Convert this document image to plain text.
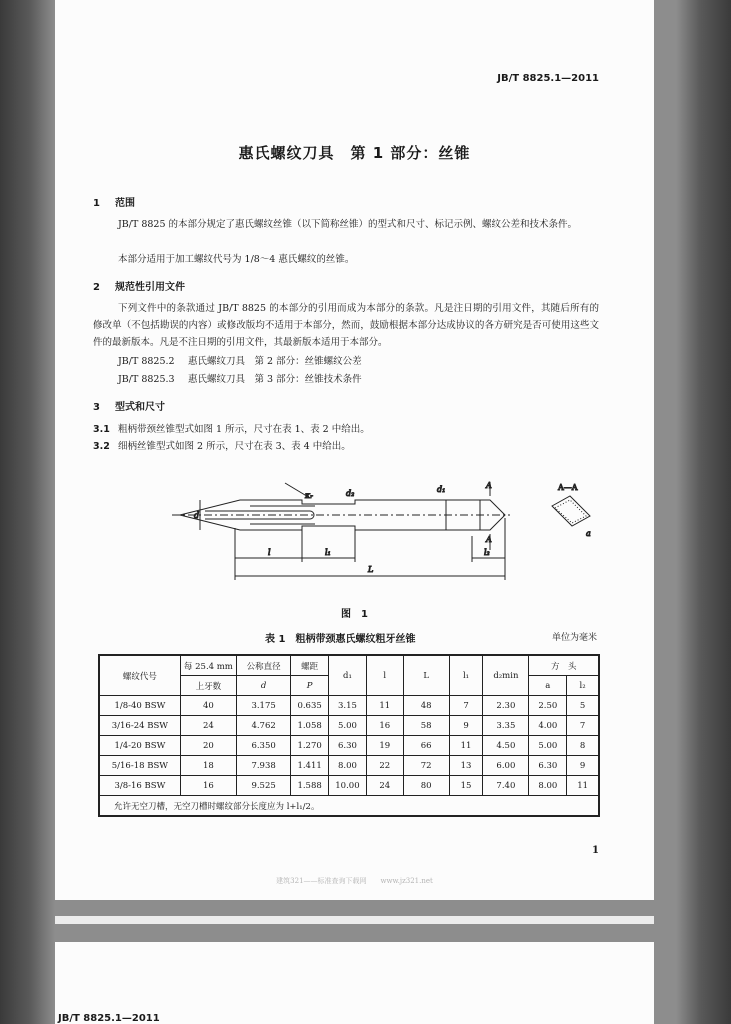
JB/T 8825.1—2011
惠氏螺纹刀具　第 1 部分：丝锥
1 范围
JB/T 8825 的本部分规定了惠氏螺纹丝锥（以下简称丝锥）的型式和尺寸、标记示例、螺纹公差和技术条件。
本部分适用于加工螺纹代号为 1/8～4 惠氏螺纹的丝锥。
2 规范性引用文件
下列文件中的条款通过 JB/T 8825 的本部分的引用而成为本部分的条款。凡是注日期的引用文件，其随后所有的修改单（不包括勘误的内容）或修改版均不适用于本部分，然而，鼓励根据本部分达成协议的各方研究是否可使用这些文件的最新版本。凡是不注日期的引用文件，其最新版本适用于本部分。
JB/T 8825.2 惠氏螺纹刀具　第 2 部分：丝锥螺纹公差
JB/T 8825.3 惠氏螺纹刀具　第 3 部分：丝锥技术条件
3 型式和尺寸
3.1 粗柄带颈丝锥型式如图 1 所示，尺寸在表 1、表 2 中给出。
3.2 细柄丝锥型式如图 2 所示，尺寸在表 3、表 4 中给出。
A
A
d
d₂	d₁
κᵣ
l	l₁	l₂
L
A—A
a
图　1
表 1　粗柄带颈惠氏螺纹粗牙丝锥	单位为毫米
螺纹代号	每 25.4 mm	公称直径	螺距	d₁	l	L	l₁	d₂min	方　头	
	上牙数	d	P						a	l₂
1/8-40 BSW	40	3.175	0.635	3.15	11	48	7	2.30	2.50	5
3/16-24 BSW	24	4.762	1.058	5.00	16	58	9	3.35	4.00	7
1/4-20 BSW	20	6.350	1.270	6.30	19	66	11	4.50	5.00	8
5/16-18 BSW	18	7.938	1.411	8.00	22	72	13	6.00	6.30	9
3/8-16 BSW	16	9.525	1.588	10.00	24	80	15	7.40	8.00	11
允许无空刀槽，无空刀槽时螺纹部分长度应为 l+l₁/2。										
1
建筑321——标准查询下载网　　www.jz321.net
JB/T 8825.1—2011
